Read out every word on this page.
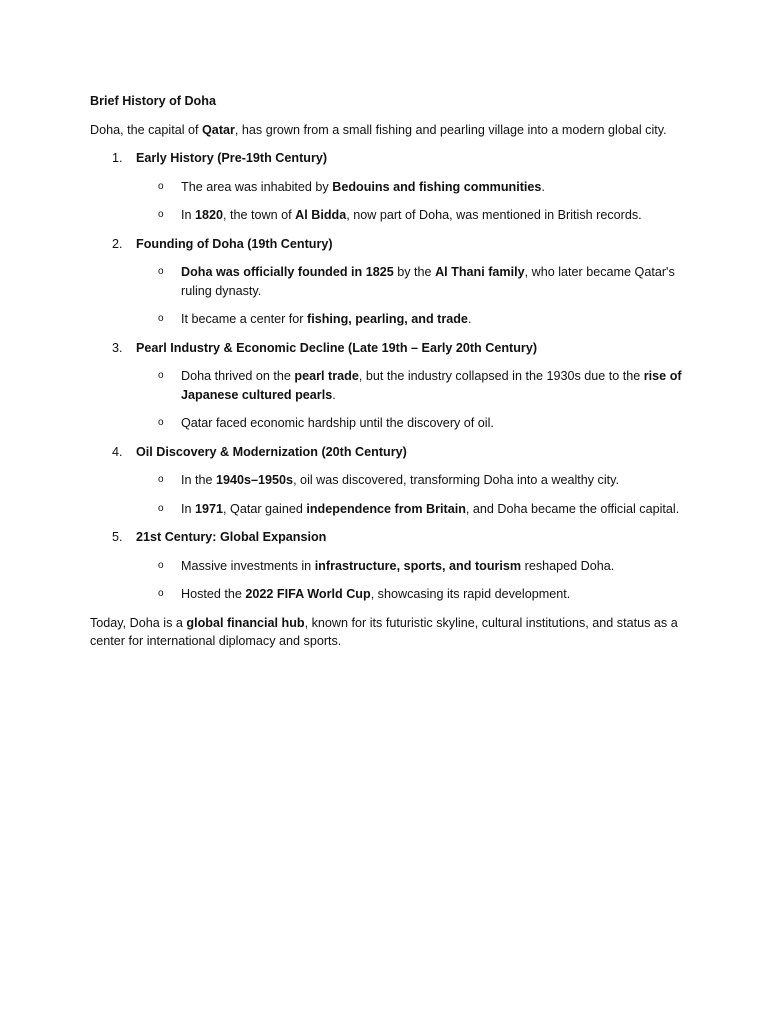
Brief History of Doha

Doha, the capital of Qatar, has grown from a small fishing and pearling village into a modern global city.

1. Early History (Pre-19th Century)
o The area was inhabited by Bedouins and fishing communities.
o In 1820, the town of Al Bidda, now part of Doha, was mentioned in British records.
2. Founding of Doha (19th Century)
o Doha was officially founded in 1825 by the Al Thani family, who later became Qatar's ruling dynasty.
o It became a center for fishing, pearling, and trade.
3. Pearl Industry & Economic Decline (Late 19th – Early 20th Century)
o Doha thrived on the pearl trade, but the industry collapsed in the 1930s due to the rise of Japanese cultured pearls.
o Qatar faced economic hardship until the discovery of oil.
4. Oil Discovery & Modernization (20th Century)
o In the 1940s–1950s, oil was discovered, transforming Doha into a wealthy city.
o In 1971, Qatar gained independence from Britain, and Doha became the official capital.
5. 21st Century: Global Expansion
o Massive investments in infrastructure, sports, and tourism reshaped Doha.
o Hosted the 2022 FIFA World Cup, showcasing its rapid development.

Today, Doha is a global financial hub, known for its futuristic skyline, cultural institutions, and status as a center for international diplomacy and sports.
